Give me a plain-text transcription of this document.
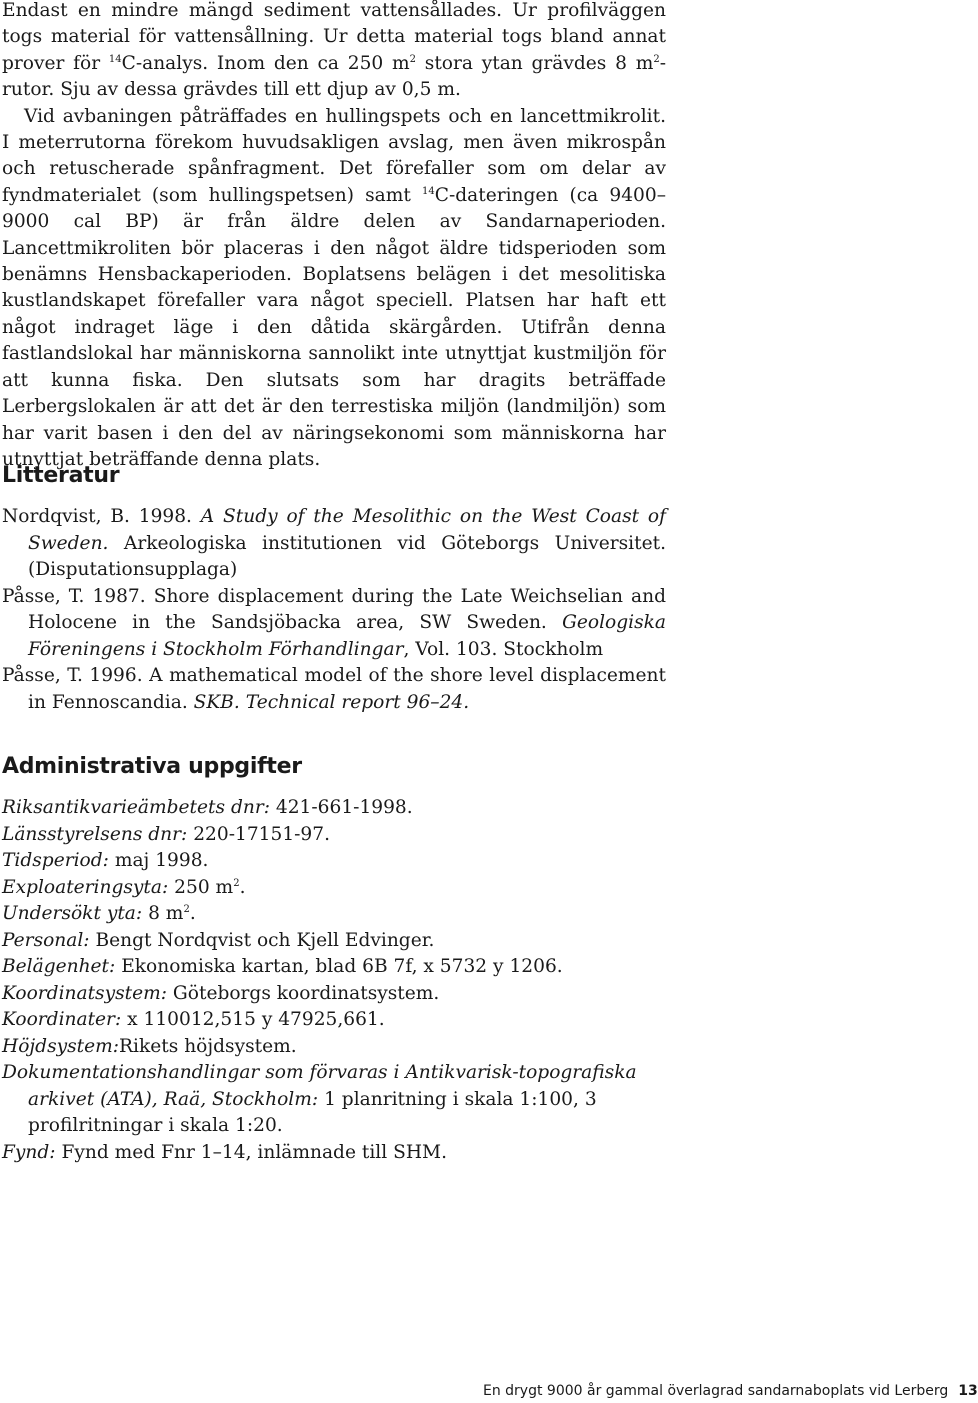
Endast en mindre mängd sediment vattensållades. Ur profilväggen togs material för vattensållning. Ur detta material togs bland annat prover för $^{14}$C-analys. Inom den ca 250 $m^2$ stora ytan grävdes 8 $m^2$-rutor. Sju av dessa grävdes till ett djup av 0,5 m.

Vid avbaningen påträffades en hullingspets och en lancettmikrolit. I meterrutorna förekom huvudsakligen avslag, men även mikrospån och retuscherade spånfragment. Det förefaller som om delar av fyndmaterialet (som hullingspetsen) samt $^{14}$C-dateringen (ca 9400–9000 cal BP) är från äldre delen av Sandarnaperioden. Lancettmikroliten bör placeras i den något äldre tidsperioden som benämns Hensbackaperioden. Boplatsens belägen i det mesolitiska kustlandskapet förefaller vara något speciell. Platsen har haft ett något indraget läge i den dåtida skärgården. Utifrån denna fastlandslokal har människorna sannolikt inte utnyttjat kustmiljön för att kunna fiska. Den slutsats som har dragits beträffade Lerbergslokalen är att det är den terrestiska miljön (landmiljön) som har varit basen i den del av näringsekonomi som människorna har utnyttjat beträffande denna plats.

Litteratur

Nordqvist, B. 1998. A Study of the Mesolithic on the West Coast of Sweden. Arkeologiska institutionen vid Göteborgs Universitet. (Disputationsupplaga)

Påsse, T. 1987. Shore displacement during the Late Weichselian and Holocene in the Sandsjöbacka area, SW Sweden. Geologiska Föreningens i Stockholm Förhandlingar, Vol. 103. Stockholm

Påsse, T. 1996. A mathematical model of the shore level displacement in Fennoscandia. SKB. Technical report 96–24.

Administrativa uppgifter

Riksantikvarieämbetets dnr: 421-661-1998.

Länsstyrelsens dnr: 220-17151-97.

Tidsperiod: maj 1998.

Exploateringsyta: 250 $m^2$.

Undersökt yta: 8 $m^2$.

Personal: Bengt Nordqvist och Kjell Edvinger.

Belägenhet: Ekonomiska kartan, blad 6B 7f, x 5732 y 1206.

Koordinatsystem: Göteborgs koordinatsystem.

Koordinater: x 110012,515 y 47925,661.

Höjdsystem:Rikets höjdsystem.

Dokumentationshandlingar som förvaras i Antikvarisk-topografiska arkivet (ATA), Raä, Stockholm: 1 planritning i skala 1:100, 3 profilritningar i skala 1:20.

Fynd: Fynd med Fnr 1–14, inlämnade till SHM.

En drygt 9000 år gammal överlagrad sandarnaboplats vid Lerberg 13
